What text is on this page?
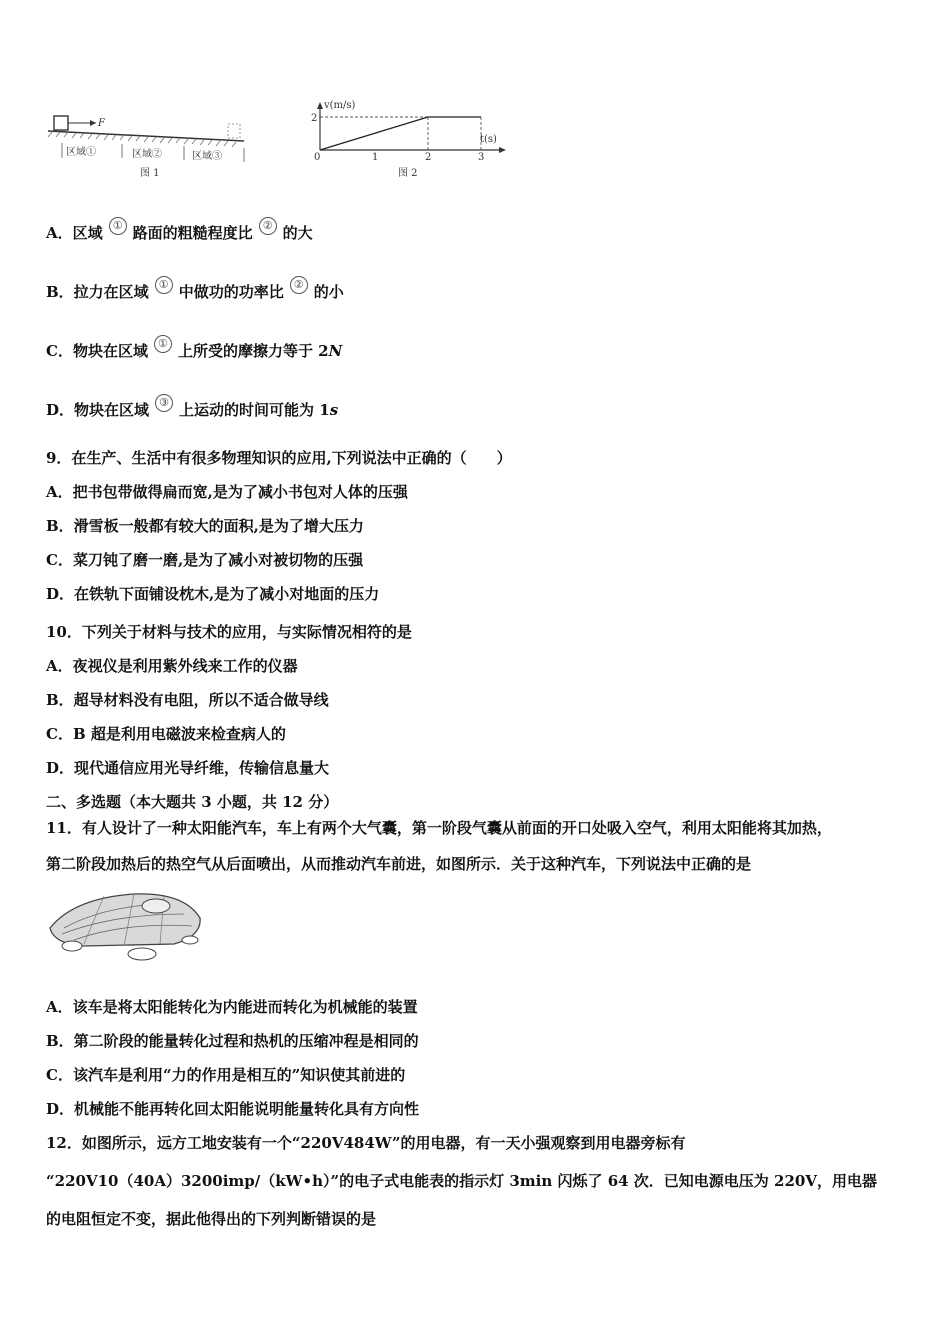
F
区域①	区域②	区域③
图 1
v(m/s)
t(s)
2
0	1	2	3
图 2
A．区域 ① 路面的粗糙程度比 ② 的大
B．拉力在区域 ① 中做功的功率比 ② 的小
C．物块在区域 ① 上所受的摩擦力等于 2N
D．物块在区域 ③ 上运动的时间可能为 1s
9．在生产、生活中有很多物理知识的应用,下列说法中正确的（　　）
A．把书包带做得扁而宽,是为了减小书包对人体的压强
B．滑雪板一般都有较大的面积,是为了增大压力
C．菜刀钝了磨一磨,是为了减小对被切物的压强
D．在铁轨下面铺设枕木,是为了减小对地面的压力
10．下列关于材料与技术的应用，与实际情况相符的是
A．夜视仪是利用紫外线来工作的仪器
B．超导材料没有电阻，所以不适合做导线
C．B 超是利用电磁波来检查病人的
D．现代通信应用光导纤维，传输信息量大
二、多选题（本大题共 3 小题，共 12 分）
11．有人设计了一种太阳能汽车，车上有两个大气囊，第一阶段气囊从前面的开口处吸入空气，利用太阳能将其加热，
第二阶段加热后的热空气从后面喷出，从而推动汽车前进，如图所示．关于这种汽车，下列说法中正确的是
A．该车是将太阳能转化为内能进而转化为机械能的装置
B．第二阶段的能量转化过程和热机的压缩冲程是相同的
C．该汽车是利用“力的作用是相互的”知识使其前进的
D．机械能不能再转化回太阳能说明能量转化具有方向性
12．如图所示，远方工地安装有一个“220V484W”的用电器，有一天小强观察到用电器旁标有
“220V10（40A）3200imp/（kW•h）”的电子式电能表的指示灯 3min 闪烁了 64 次．已知电源电压为 220V，用电器
的电阻恒定不变，据此他得出的下列判断错误的是
